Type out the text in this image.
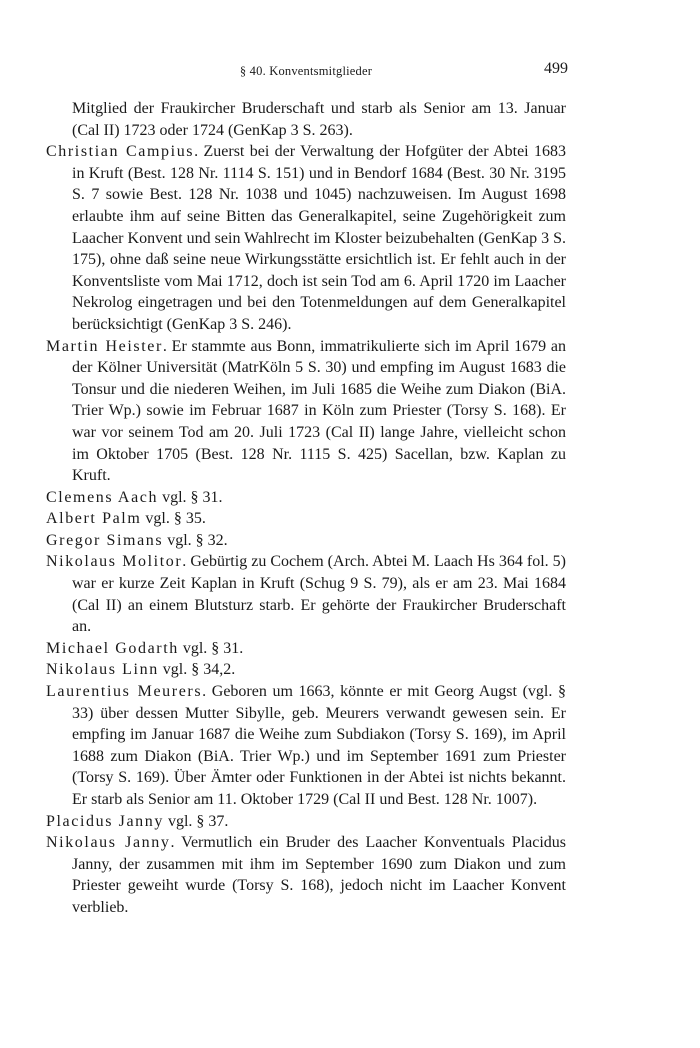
§ 40. Konventsmitglieder	499

Mitglied der Fraukircher Bruderschaft und starb als Senior am 13. Januar (Cal II) 1723 oder 1724 (GenKap 3 S. 263).

Christian Campius. Zuerst bei der Verwaltung der Hofgüter der Abtei 1683 in Kruft (Best. 128 Nr. 1114 S. 151) und in Bendorf 1684 (Best. 30 Nr. 3195 S. 7 sowie Best. 128 Nr. 1038 und 1045) nachzuweisen. Im August 1698 erlaubte ihm auf seine Bitten das Generalkapitel, seine Zugehörigkeit zum Laacher Konvent und sein Wahlrecht im Kloster beizubehalten (GenKap 3 S. 175), ohne daß seine neue Wirkungsstätte ersichtlich ist. Er fehlt auch in der Konventsliste vom Mai 1712, doch ist sein Tod am 6. April 1720 im Laacher Nekrolog eingetragen und bei den Totenmeldungen auf dem Generalkapitel berücksichtigt (GenKap 3 S. 246).

Martin Heister. Er stammte aus Bonn, immatrikulierte sich im April 1679 an der Kölner Universität (MatrKöln 5 S. 30) und empfing im August 1683 die Tonsur und die niederen Weihen, im Juli 1685 die Weihe zum Diakon (BiA. Trier Wp.) sowie im Februar 1687 in Köln zum Priester (Torsy S. 168). Er war vor seinem Tod am 20. Juli 1723 (Cal II) lange Jahre, vielleicht schon im Oktober 1705 (Best. 128 Nr. 1115 S. 425) Sacellan, bzw. Kaplan zu Kruft.

Clemens Aach vgl. § 31.

Albert Palm vgl. § 35.

Gregor Simans vgl. § 32.

Nikolaus Molitor. Gebürtig zu Cochem (Arch. Abtei M. Laach Hs 364 fol. 5) war er kurze Zeit Kaplan in Kruft (Schug 9 S. 79), als er am 23. Mai 1684 (Cal II) an einem Blutsturz starb. Er gehörte der Fraukircher Bruderschaft an.

Michael Godarth vgl. § 31.

Nikolaus Linn vgl. § 34,2.

Laurentius Meurers. Geboren um 1663, könnte er mit Georg Augst (vgl. § 33) über dessen Mutter Sibylle, geb. Meurers verwandt gewesen sein. Er empfing im Januar 1687 die Weihe zum Subdiakon (Torsy S. 169), im April 1688 zum Diakon (BiA. Trier Wp.) und im September 1691 zum Priester (Torsy S. 169). Über Ämter oder Funktionen in der Abtei ist nichts bekannt. Er starb als Senior am 11. Oktober 1729 (Cal II und Best. 128 Nr. 1007).

Placidus Janny vgl. § 37.

Nikolaus Janny. Vermutlich ein Bruder des Laacher Konventuals Placidus Janny, der zusammen mit ihm im September 1690 zum Diakon und zum Priester geweiht wurde (Torsy S. 168), jedoch nicht im Laacher Konvent verblieb.
